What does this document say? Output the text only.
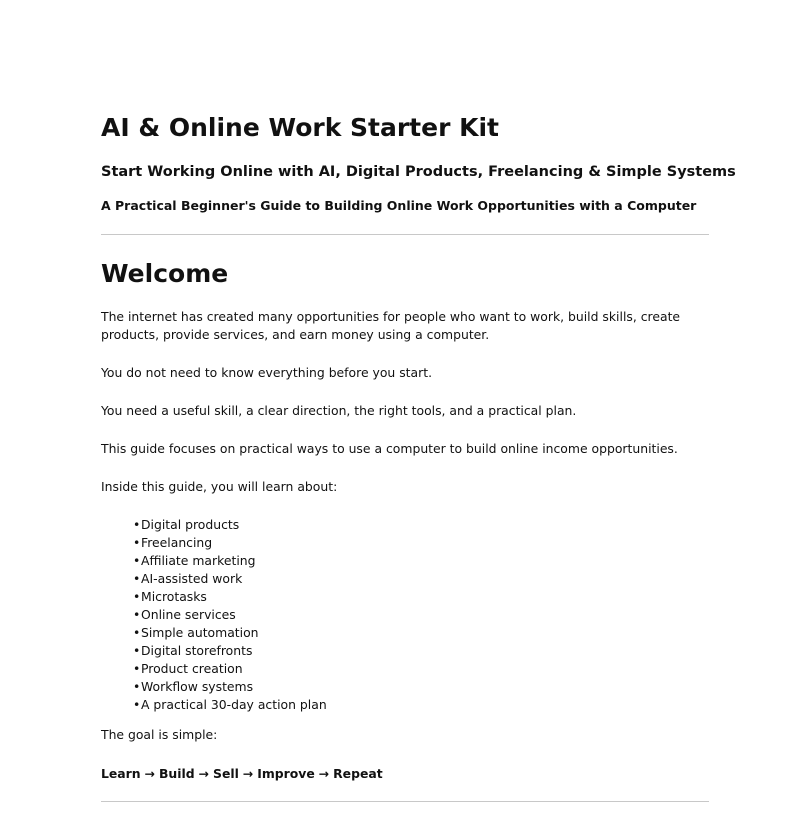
AI & Online Work Starter Kit
Start Working Online with AI, Digital Products, Freelancing & Simple Systems

A Practical Beginner's Guide to Building Online Work Opportunities with a Computer

Welcome

The internet has created many opportunities for people who want to work, build skills, create products, provide services, and earn money using a computer.

You do not need to know everything before you start.

You need a useful skill, a clear direction, the right tools, and a practical plan.

This guide focuses on practical ways to use a computer to build online income opportunities.

Inside this guide, you will learn about:

•Digital products
•Freelancing
•Affiliate marketing
•AI-assisted work
•Microtasks
•Online services
•Simple automation
•Digital storefronts
•Product creation
•Workflow systems
•A practical 30-day action plan

The goal is simple:

Learn → Build → Sell → Improve → Repeat
